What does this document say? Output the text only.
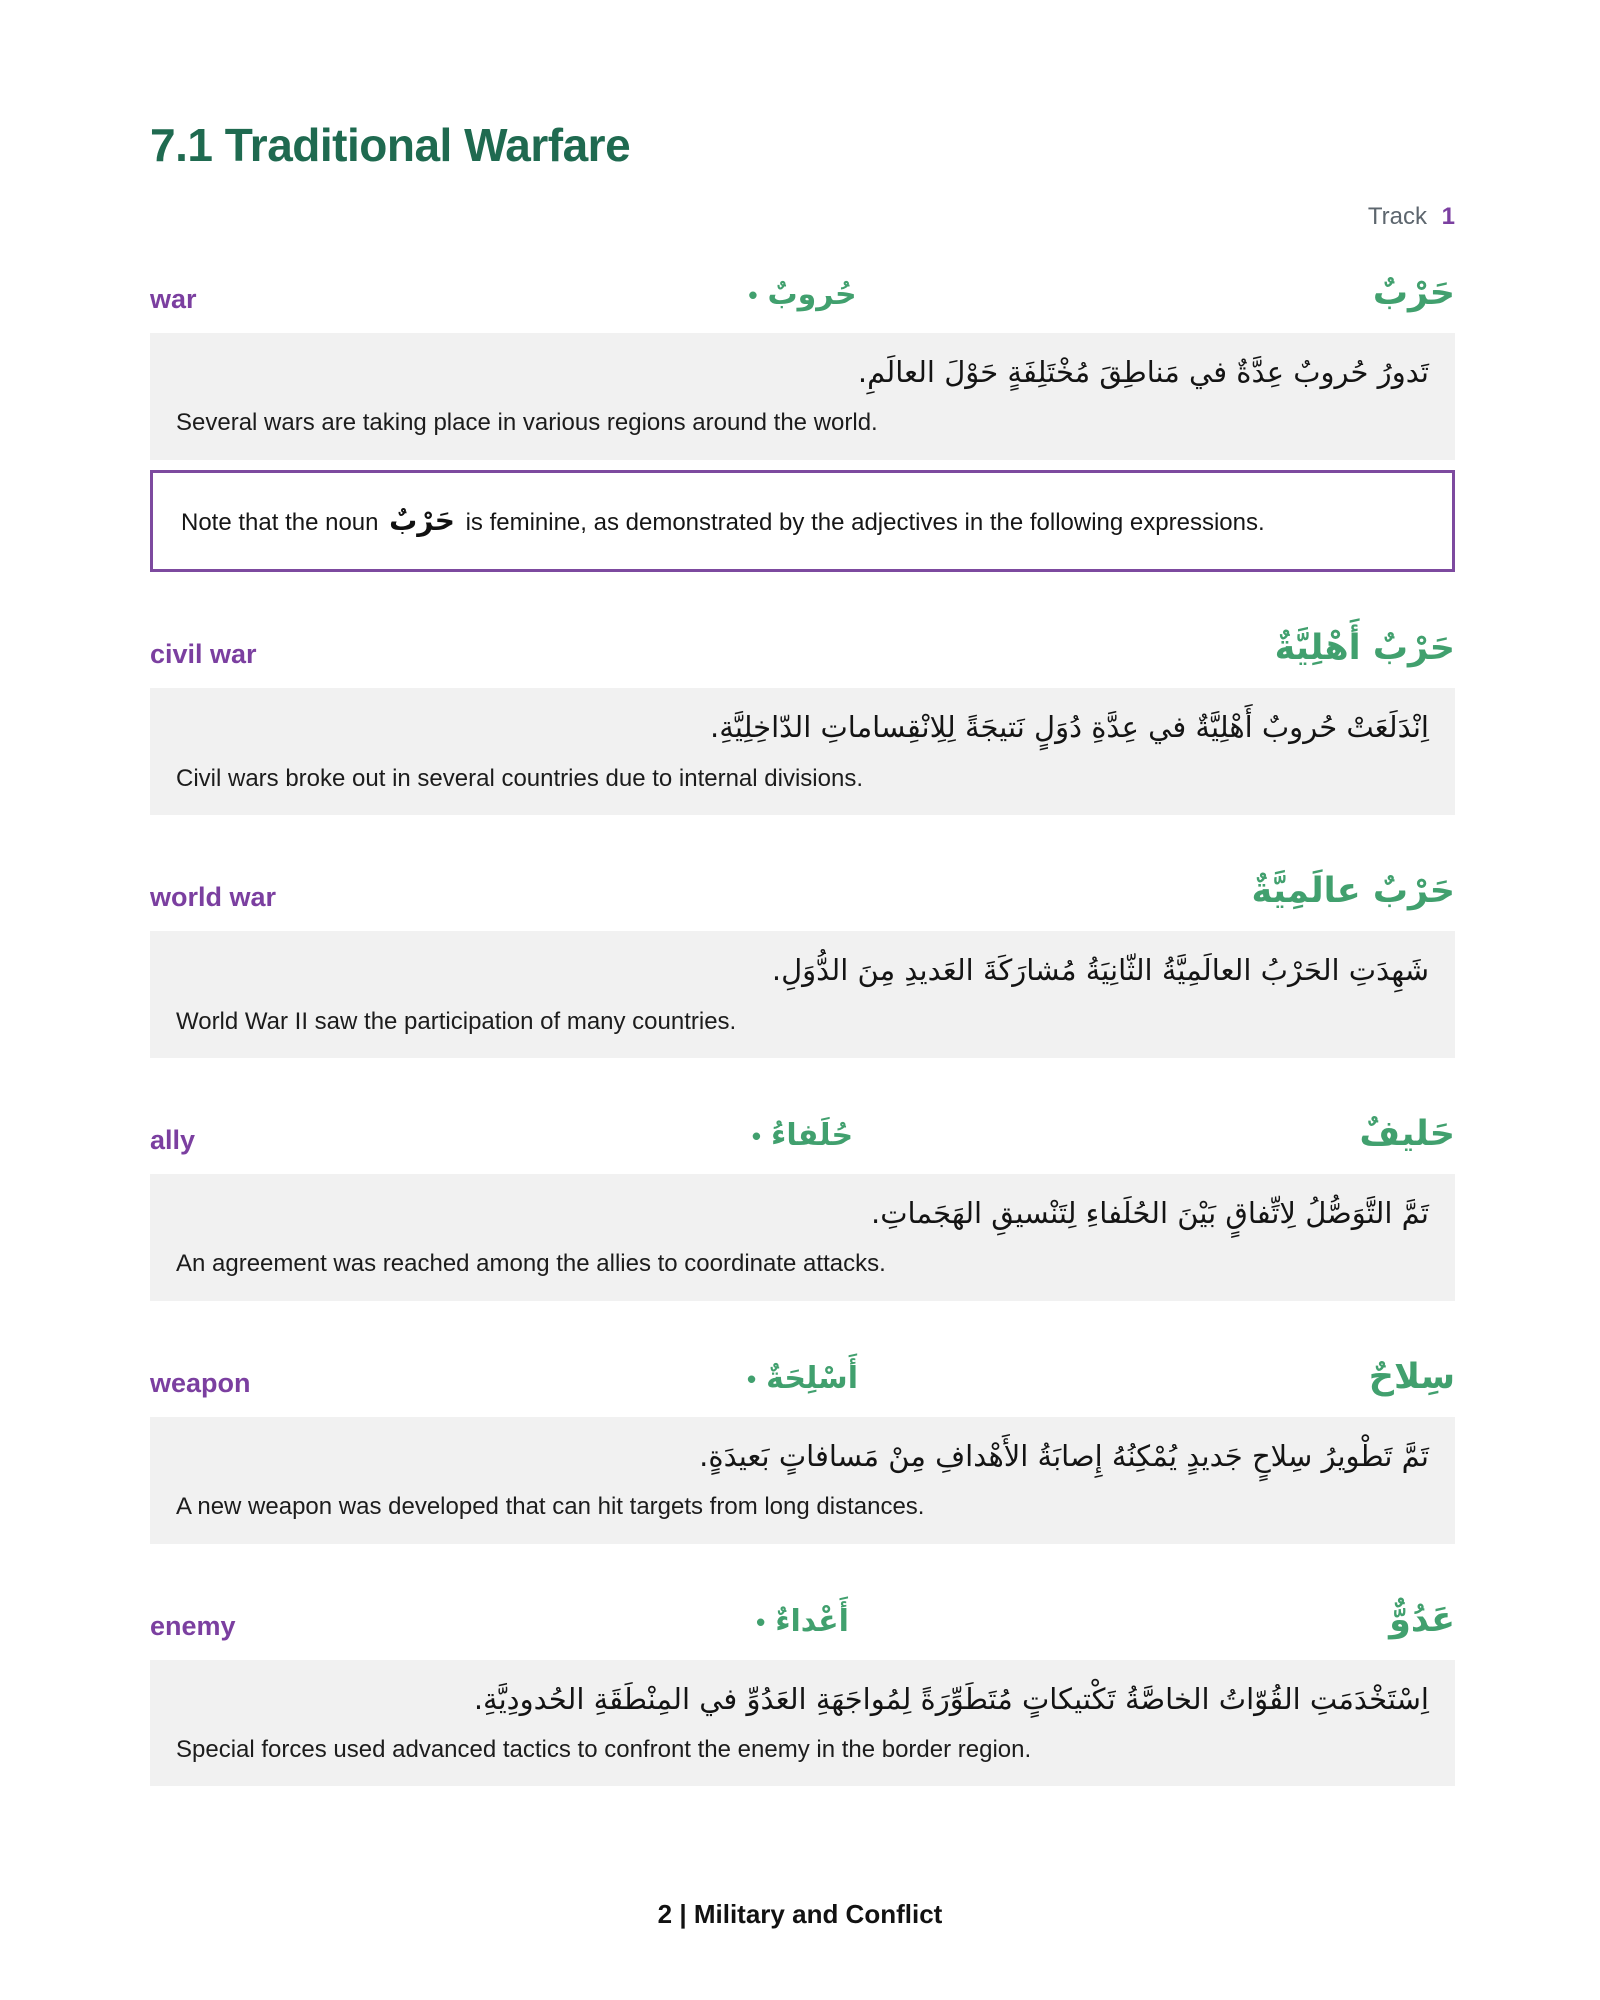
7.1 Traditional Warfare
Track 1
war	• حُروبٌ	حَرْبٌ
تَدورُ حُروبٌ عِدَّةٌ في مَناطِقَ مُخْتَلِفَةٍ حَوْلَ العالَمِ.
Several wars are taking place in various regions around the world.
Note that the noun حَرْبٌ is feminine, as demonstrated by the adjectives in the following expressions.
civil war	حَرْبٌ أَهْلِيَّةٌ
اِنْدَلَعَتْ حُروبٌ أَهْلِيَّةٌ في عِدَّةِ دُوَلٍ نَتيجَةً لِلِانْقِساماتِ الدّاخِلِيَّةِ.
Civil wars broke out in several countries due to internal divisions.
world war	حَرْبٌ عالَمِيَّةٌ
شَهِدَتِ الحَرْبُ العالَمِيَّةُ الثّانِيَةُ مُشارَكَةَ العَديدِ مِنَ الدُّوَلِ.
World War II saw the participation of many countries.
ally	• حُلَفاءُ	حَليفٌ
تَمَّ التَّوَصُّلُ لِاتِّفاقٍ بَيْنَ الحُلَفاءِ لِتَنْسيقِ الهَجَماتِ.
An agreement was reached among the allies to coordinate attacks.
weapon	• أَسْلِحَةٌ	سِلاحٌ
تَمَّ تَطْويرُ سِلاحٍ جَديدٍ يُمْكِنُهُ إِصابَةُ الأَهْدافِ مِنْ مَسافاتٍ بَعيدَةٍ.
A new weapon was developed that can hit targets from long distances.
enemy	• أَعْداءٌ	عَدُوٌّ
اِسْتَخْدَمَتِ القُوّاتُ الخاصَّةُ تَكْتيكاتٍ مُتَطَوِّرَةً لِمُواجَهَةِ العَدُوِّ في المِنْطَقَةِ الحُدودِيَّةِ.
Special forces used advanced tactics to confront the enemy in the border region.
2 | Military and Conflict
